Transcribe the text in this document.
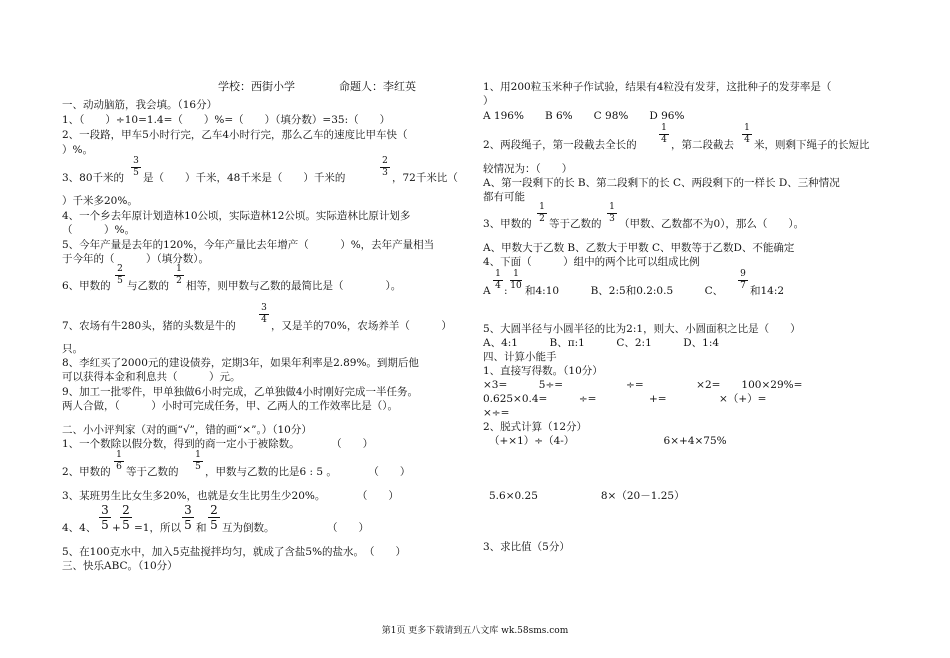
学校：西街小学　　　　命题人：李红英
一、动动脑筋，我会填。（16分）
1、（　　）÷10=1.4=（　　）%=（　　）（填分数）=35:（　　）
2、一段路，甲车5小时行完，乙车4小时行完，那么乙车的速度比甲车快（
）%。
3、80千米的
3
5 是（　　）千米，48千米是（　　）千米的
2
3 ，72千米比（
）千米多20%。
4、一个乡去年原计划造林10公顷，实际造林12公顷。实际造林比原计划多
（　　　）%。
5、今年产量是去年的120%，今年产量比去年增产（　　　）%，去年产量相当
于今年的（　　　）（填分数）。
6、甲数的
2
5 与乙数的
1
2 相等，则甲数与乙数的最简比是（　　　　）。
7、农场有牛280头，猪的头数是牛的
3
4 ，又是羊的70%，农场养羊（　　　）
只。
8、李红买了2000元的建设债券，定期3年，如果年利率是2.89%。到期后他
可以获得本金和利息共（　　　）元。
9、加工一批零件，甲单独做6小时完成，乙单独做4小时刚好完成一半任务。
两人合做，（　　　）小时可完成任务，甲、乙两人的工作效率比是（）。
二、小小评判家（对的画“√”，错的画“×”。）（10分）
1、一个数除以假分数，得到的商一定小于被除数。　　　　（　　）
2、甲数的
1
6 等于乙数的
1
5 ，甲数与乙数的比是6 : 5 。　　　　（　　）
3、某班男生比女生多20%，也就是女生比男生少20%。　　　　（　　）
4、4、
3
5 +
2
5 =1，所以
3
5 和
2
5 互为倒数。　　　　　　（　　）
5、在100克水中，加入5克盐搅拌均匀，就成了含盐5%的盐水。　（　　）
三、快乐ABC。（10分）
1、用200粒玉米种子作试验，结果有4粒没有发芽，这批种子的发芽率是（
）
A 196%　　B 6%　　C 98%　　D 96%
2、两段绳子，第一段截去全长的
1
4 ，第二段截去
1
4 米，则剩下绳子的长短比
较情况为：（　　）
A、第一段剩下的长 B、第二段剩下的长 C、两段剩下的一样长 D、三种情况
都有可能
3、甲数的
1
2 等于乙数的
1
3 （甲数、乙数都不为0），那么（　　）。
A、甲数大于乙数 B、乙数大于甲数 C、甲数等于乙数D、不能确定
4、下面（　　　）组中的两个比可以组成比例
A
1
4 :
1
10 和4:10　　　B、2:5和0.2:0.5　　　C、
9
7 和14:2
5、大圆半径与小圆半径的比为2:1，则大、小圆面积之比是（　　）
A、4:1　　　B、π:1　　　C、2:1　　　D、1:4
四、计算小能手
1、直接写得数。（10分）
×3=　　　5÷=　　　　　　÷=　　　　　×2=　　100×29%=
0.625×0.4=　　　÷=　　　　　+=　　　　　×（+）=
×÷=
2、脱式计算（12分）
（+×1）÷（4-）　　　　　　　　　6×+4×75%
5.6×0.25　　　　　　8×（20－1.25）
3、求比值（5分）
第1页 更多下载请到五八文库 wk.58sms.com
